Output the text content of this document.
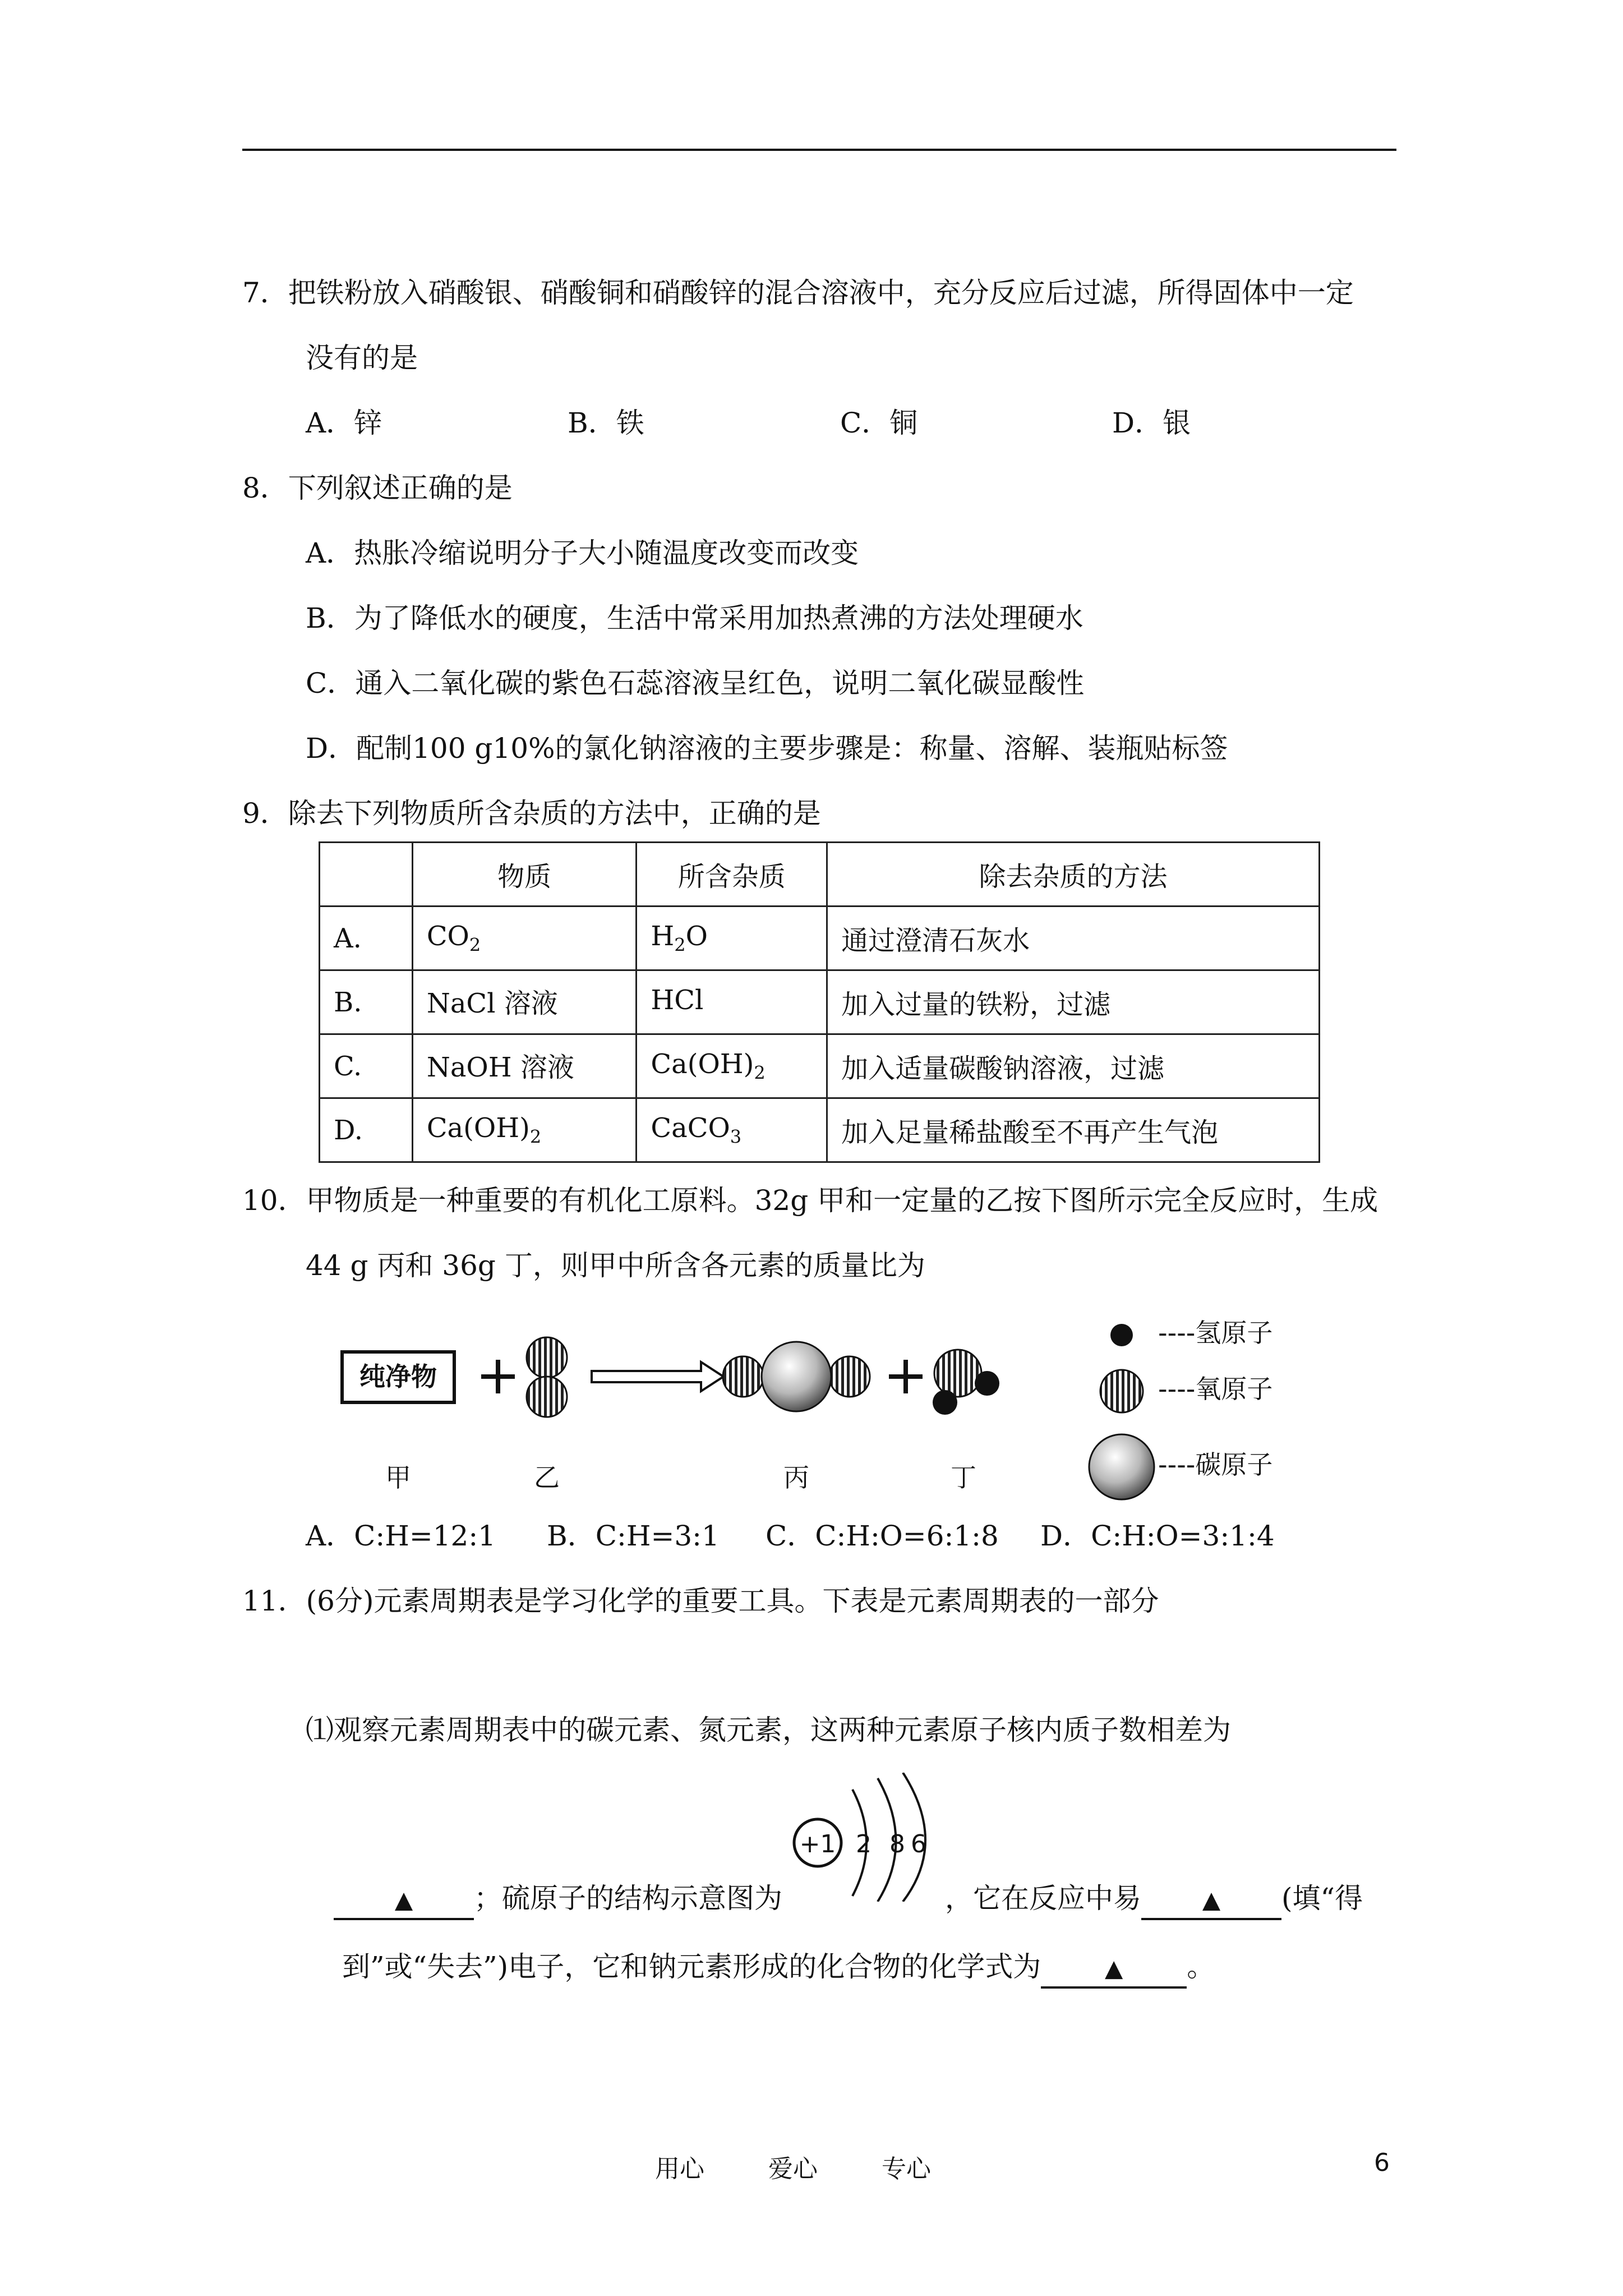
7．把铁粉放入硝酸银、硝酸铜和硝酸锌的混合溶液中，充分反应后过滤，所得固体中一定
没有的是
A．锌	B．铁	C．铜	D．银
8．下列叙述正确的是
A．热胀冷缩说明分子大小随温度改变而改变
B．为了降低水的硬度，生活中常采用加热煮沸的方法处理硬水
C．通入二氧化碳的紫色石蕊溶液呈红色，说明二氧化碳显酸性
D．配制100 g10%的氯化钠溶液的主要步骤是：称量、溶解、装瓶贴标签
9．除去下列物质所含杂质的方法中，正确的是
	物质	所含杂质	除去杂质的方法
A.	$CO_2$	$H_2O$	通过澄清石灰水
B.	NaCl 溶液	HCl	加入过量的铁粉，过滤
C.	NaOH 溶液	$Ca(OH)_2$	加入适量碳酸钠溶液，过滤
D.	$Ca(OH)_2$	CaCO$_3$	加入足量稀盐酸至不再产生气泡
10．甲物质是一种重要的有机化工原料。32g 甲和一定量的乙按下图所示完全反应时，生成
44 g 丙和 36g 丁，则甲中所含各元素的质量比为
纯净物
甲	乙	丙	丁
----氢原子
----氧原子
----碳原子
A．C:H=12:1 B．C:H=3:1 C．C:H:O=6:1:8 D．C:H:O=3:1:4
11．(6分)元素周期表是学习化学的重要工具。下表是元素周期表的一部分
⑴观察元素周期表中的碳元素、氮元素，这两种元素原子核内质子数相差为
+1 2 8 6
▲ ；硫原子的结构示意图为	，它在反应中易	▲ (填“得
到”或“失去”)电子，它和钠元素形成的化合物的化学式为	▲ 。
用心	爱心	专心	6
